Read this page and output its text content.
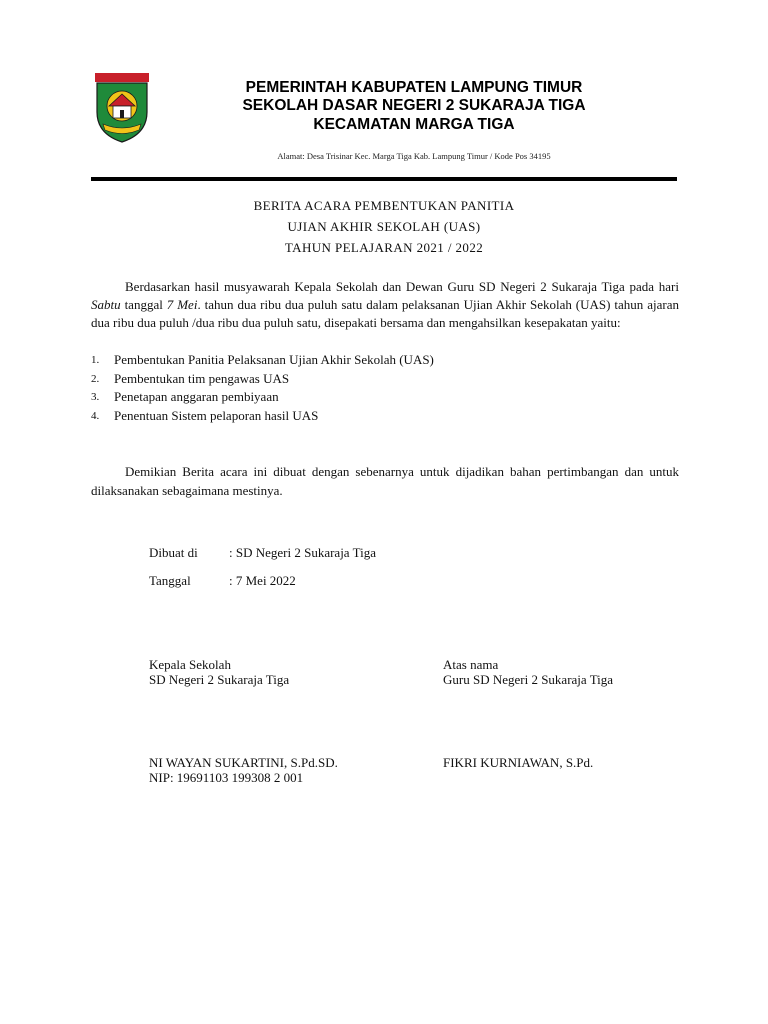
PEMERINTAH KABUPATEN LAMPUNG TIMUR
SEKOLAH DASAR NEGERI 2 SUKARAJA TIGA
KECAMATAN MARGA TIGA
Alamat: Desa Trisinar Kec. Marga Tiga Kab. Lampung Timur / Kode Pos 34195
BERITA ACARA PEMBENTUKAN PANITIA
UJIAN AKHIR SEKOLAH (UAS)
TAHUN PELAJARAN 2021 / 2022
Berdasarkan hasil musyawarah Kepala Sekolah dan Dewan Guru SD Negeri 2 Sukaraja Tiga pada hari Sabtu tanggal 7 Mei. tahun dua ribu dua puluh satu dalam pelaksanan Ujian Akhir Sekolah (UAS) tahun ajaran dua ribu dua puluh /dua ribu dua puluh satu, disepakati bersama dan mengahsilkan kesepakatan yaitu:
1.	Pembentukan Panitia Pelaksanan Ujian Akhir Sekolah (UAS)
2.	Pembentukan tim pengawas UAS
3.	Penetapan anggaran pembiyaan
4.	Penentuan Sistem pelaporan hasil UAS
Demikian Berita acara ini dibuat dengan sebenarnya untuk dijadikan bahan pertimbangan dan untuk dilaksanakan sebagaimana mestinya.
Dibuat di : SD Negeri 2 Sukaraja Tiga
Tanggal	: 7 Mei 2022
Kepala Sekolah
SD Negeri 2 Sukaraja Tiga
Atas nama
Guru SD Negeri 2 Sukaraja Tiga
NI WAYAN SUKARTINI, S.Pd.SD.
NIP: 19691103 199308 2 001
FIKRI KURNIAWAN, S.Pd.
